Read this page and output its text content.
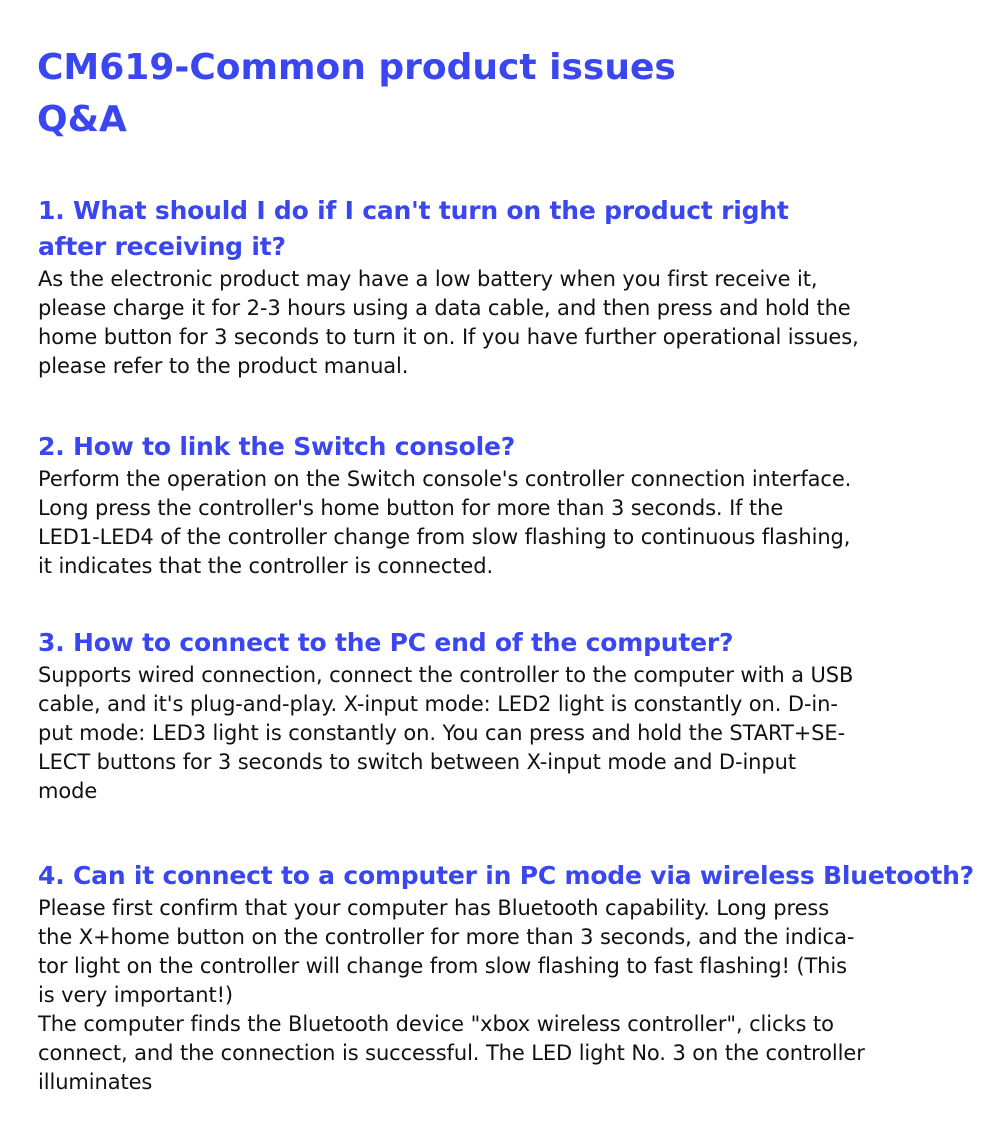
CM619-Common product issues
Q&A
1. What should I do if I can't turn on the product right
after receiving it?

As the electronic product may have a low battery when you first receive it,
please charge it for 2-3 hours using a data cable, and then press and hold the
home button for 3 seconds to turn it on. If you have further operational issues,
please refer to the product manual.

2. How to link the Switch console?

Perform the operation on the Switch console's controller connection interface.
Long press the controller's home button for more than 3 seconds. If the
LED1-LED4 of the controller change from slow flashing to continuous flashing,
it indicates that the controller is connected.

3. How to connect to the PC end of the computer?

Supports wired connection, connect the controller to the computer with a USB
cable, and it's plug-and-play. X-input mode: LED2 light is constantly on. D-in-
put mode: LED3 light is constantly on. You can press and hold the START+SE-
LECT buttons for 3 seconds to switch between X-input mode and D-input
mode

4. Can it connect to a computer in PC mode via wireless Bluetooth?

Please first confirm that your computer has Bluetooth capability. Long press
the X+home button on the controller for more than 3 seconds, and the indica-
tor light on the controller will change from slow flashing to fast flashing! (This
is very important!)
The computer finds the Bluetooth device "xbox wireless controller", clicks to
connect, and the connection is successful. The LED light No. 3 on the controller
illuminates
